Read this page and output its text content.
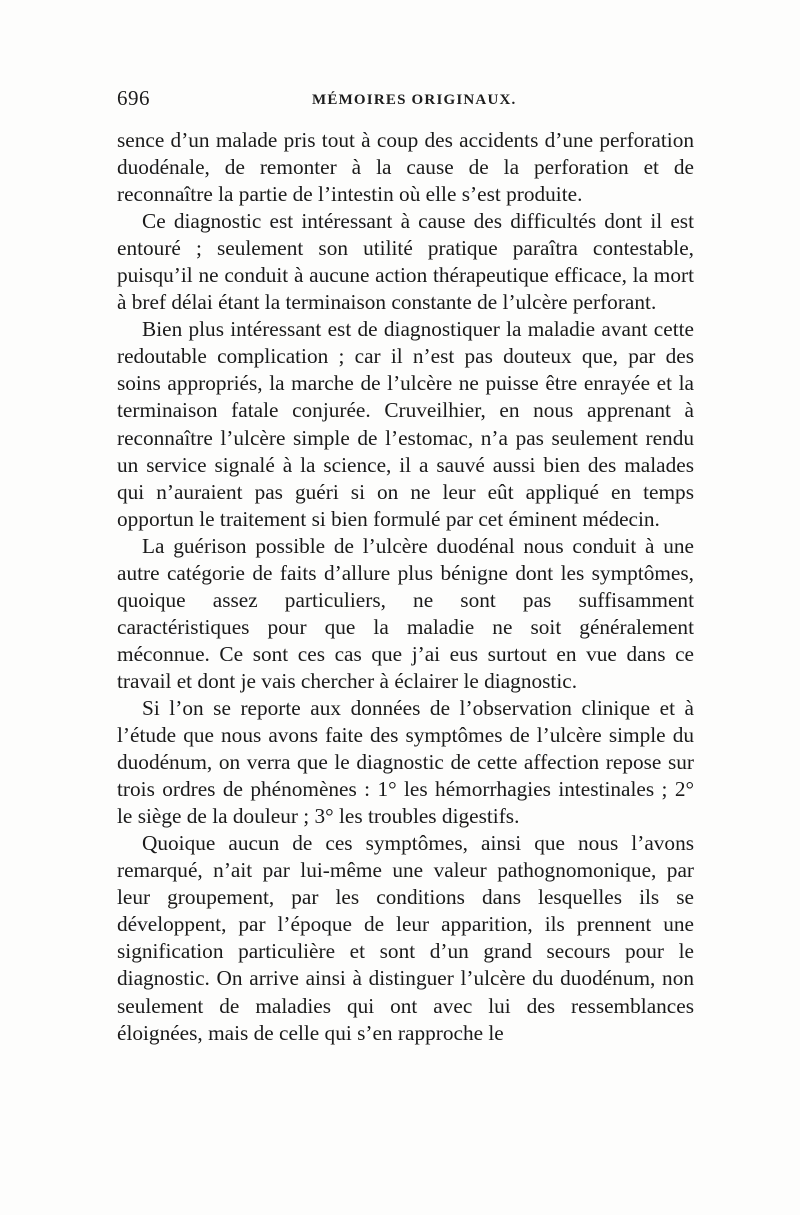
696	MÉMOIRES ORIGINAUX.

sence d’un malade pris tout à coup des accidents d’une perforation duodénale, de remonter à la cause de la perforation et de reconnaître la partie de l’intestin où elle s’est produite.

Ce diagnostic est intéressant à cause des difficultés dont il est entouré ; seulement son utilité pratique paraîtra contestable, puisqu’il ne conduit à aucune action thérapeutique efficace, la mort à bref délai étant la terminaison constante de l’ulcère perforant.

Bien plus intéressant est de diagnostiquer la maladie avant cette redoutable complication ; car il n’est pas douteux que, par des soins appropriés, la marche de l’ulcère ne puisse être enrayée et la terminaison fatale conjurée. Cruveilhier, en nous apprenant à reconnaître l’ulcère simple de l’estomac, n’a pas seulement rendu un service signalé à la science, il a sauvé aussi bien des malades qui n’auraient pas guéri si on ne leur eût appliqué en temps opportun le traitement si bien formulé par cet éminent médecin.

La guérison possible de l’ulcère duodénal nous conduit à une autre catégorie de faits d’allure plus bénigne dont les symptômes, quoique assez particuliers, ne sont pas suffisamment caractéristiques pour que la maladie ne soit généralement méconnue. Ce sont ces cas que j’ai eus surtout en vue dans ce travail et dont je vais chercher à éclairer le diagnostic.

Si l’on se reporte aux données de l’observation clinique et à l’étude que nous avons faite des symptômes de l’ulcère simple du duodénum, on verra que le diagnostic de cette affection repose sur trois ordres de phénomènes : 1° les hémorrhagies intestinales ; 2° le siège de la douleur ; 3° les troubles digestifs.

Quoique aucun de ces symptômes, ainsi que nous l’avons remarqué, n’ait par lui-même une valeur pathognomonique, par leur groupement, par les conditions dans lesquelles ils se développent, par l’époque de leur apparition, ils prennent une signification particulière et sont d’un grand secours pour le diagnostic. On arrive ainsi à distinguer l’ulcère du duodénum, non seulement de maladies qui ont avec lui des ressemblances éloignées, mais de celle qui s’en rapproche le
